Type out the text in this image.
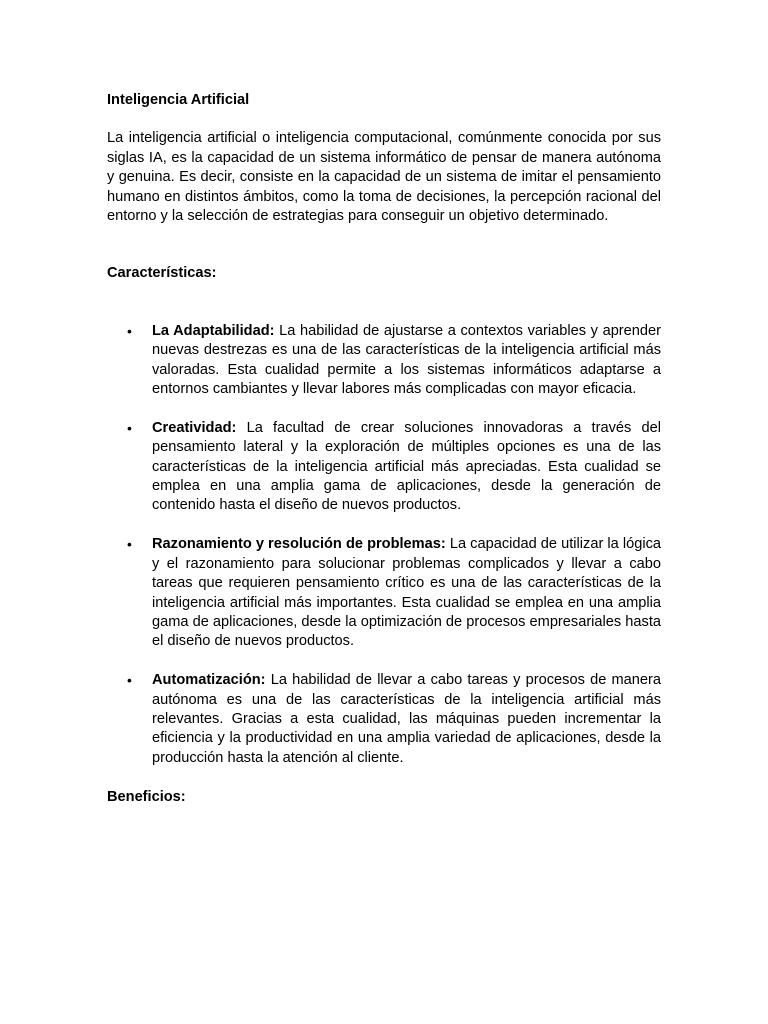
Inteligencia Artificial

La inteligencia artificial o inteligencia computacional, comúnmente conocida por sus siglas IA, es la capacidad de un sistema informático de pensar de manera autónoma y genuina. Es decir, consiste en la capacidad de un sistema de imitar el pensamiento humano en distintos ámbitos, como la toma de decisiones, la percepción racional del entorno y la selección de estrategias para conseguir un objetivo determinado.

Características:

• La Adaptabilidad: La habilidad de ajustarse a contextos variables y aprender nuevas destrezas es una de las características de la inteligencia artificial más valoradas. Esta cualidad permite a los sistemas informáticos adaptarse a entornos cambiantes y llevar labores más complicadas con mayor eficacia.
• Creatividad: La facultad de crear soluciones innovadoras a través del pensamiento lateral y la exploración de múltiples opciones es una de las características de la inteligencia artificial más apreciadas. Esta cualidad se emplea en una amplia gama de aplicaciones, desde la generación de contenido hasta el diseño de nuevos productos.
• Razonamiento y resolución de problemas: La capacidad de utilizar la lógica y el razonamiento para solucionar problemas complicados y llevar a cabo tareas que requieren pensamiento crítico es una de las características de la inteligencia artificial más importantes. Esta cualidad se emplea en una amplia gama de aplicaciones, desde la optimización de procesos empresariales hasta el diseño de nuevos productos.
• Automatización: La habilidad de llevar a cabo tareas y procesos de manera autónoma es una de las características de la inteligencia artificial más relevantes. Gracias a esta cualidad, las máquinas pueden incrementar la eficiencia y la productividad en una amplia variedad de aplicaciones, desde la producción hasta la atención al cliente.

Beneficios:
